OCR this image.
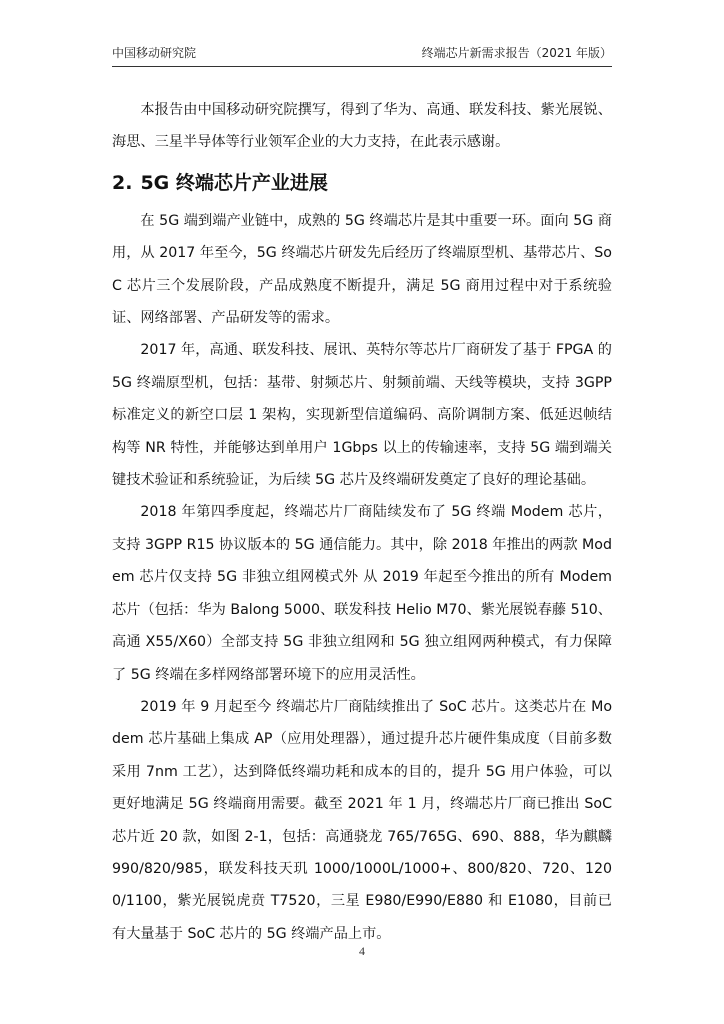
中国移动研究院	终端芯片新需求报告（2021 年版）

本报告由中国移动研究院撰写，得到了华为、高通、联发科技、紫光展锐、海思、三星半导体等行业领军企业的大力支持，在此表示感谢。

2. 5G 终端芯片产业进展

在 5G 端到端产业链中，成熟的 5G 终端芯片是其中重要一环。面向 5G 商用，从 2017 年至今，5G 终端芯片研发先后经历了终端原型机、基带芯片、SoC 芯片三个发展阶段，产品成熟度不断提升，满足 5G 商用过程中对于系统验证、网络部署、产品研发等的需求。

2017 年，高通、联发科技、展讯、英特尔等芯片厂商研发了基于 FPGA 的 5G 终端原型机，包括：基带、射频芯片、射频前端、天线等模块，支持 3GPP 标准定义的新空口层 1 架构，实现新型信道编码、高阶调制方案、低延迟帧结构等 NR 特性，并能够达到单用户 1Gbps 以上的传输速率，支持 5G 端到端关键技术验证和系统验证，为后续 5G 芯片及终端研发奠定了良好的理论基础。

2018 年第四季度起，终端芯片厂商陆续发布了 5G 终端 Modem 芯片，支持 3GPP R15 协议版本的 5G 通信能力。其中，除 2018 年推出的两款 Modem 芯片仅支持 5G 非独立组网模式外 从 2019 年起至今推出的所有 Modem 芯片（包括：华为 Balong 5000、联发科技 Helio M70、紫光展锐春藤 510、高通 X55/X60）全部支持 5G 非独立组网和 5G 独立组网两种模式，有力保障了 5G 终端在多样网络部署环境下的应用灵活性。

2019 年 9 月起至今 终端芯片厂商陆续推出了 SoC 芯片。这类芯片在 Modem 芯片基础上集成 AP（应用处理器），通过提升芯片硬件集成度（目前多数采用 7nm 工艺），达到降低终端功耗和成本的目的，提升 5G 用户体验，可以更好地满足 5G 终端商用需要。截至 2021 年 1 月，终端芯片厂商已推出 SoC 芯片近 20 款，如图 2-1，包括：高通骁龙 765/765G、690、888，华为麒麟 990/820/985，联发科技天玑 1000/1000L/1000+、800/820、720、1200/1100，紫光展锐虎贲 T7520，三星 E980/E990/E880 和 E1080，目前已有大量基于 SoC 芯片的 5G 终端产品上市。

4
